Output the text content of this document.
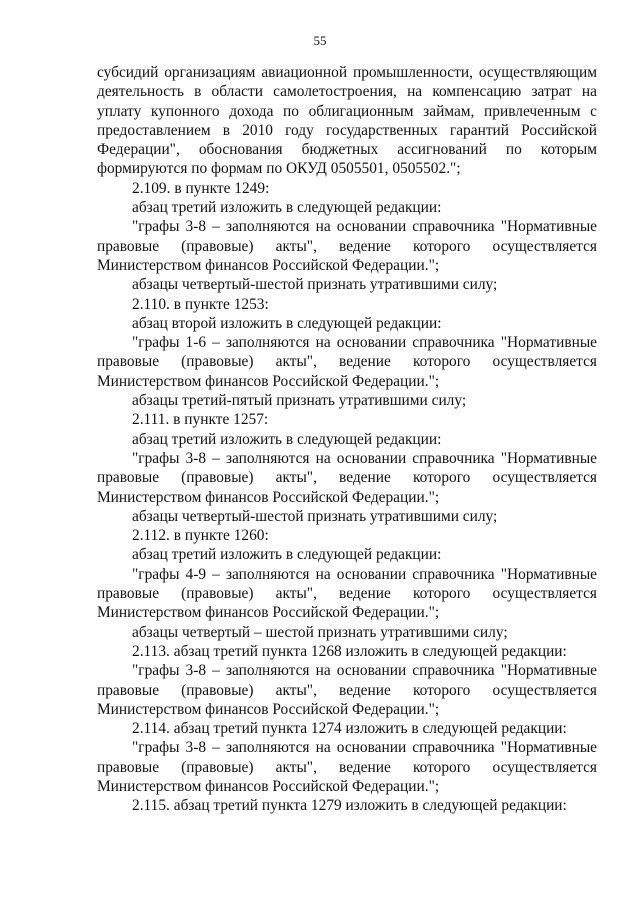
55

субсидий организациям авиационной промышленности, осуществляющим деятельность в области самолетостроения, на компенсацию затрат на уплату купонного дохода по облигационным займам, привлеченным с предоставлением в 2010 году государственных гарантий Российской Федерации", обоснования бюджетных ассигнований по которым формируются по формам по ОКУД 0505501, 0505502.";

2.109. в пункте 1249:

абзац третий изложить в следующей редакции:

"графы 3-8 – заполняются на основании справочника "Нормативные правовые (правовые) акты", ведение которого осуществляется Министерством финансов Российской Федерации.";

абзацы четвертый-шестой признать утратившими силу;

2.110. в пункте 1253:

абзац второй изложить в следующей редакции:

"графы 1-6 – заполняются на основании справочника "Нормативные правовые (правовые) акты", ведение которого осуществляется Министерством финансов Российской Федерации.";

абзацы третий-пятый признать утратившими силу;

2.111. в пункте 1257:

абзац третий изложить в следующей редакции:

"графы 3-8 – заполняются на основании справочника "Нормативные правовые (правовые) акты", ведение которого осуществляется Министерством финансов Российской Федерации.";

абзацы четвертый-шестой признать утратившими силу;

2.112. в пункте 1260:

абзац третий изложить в следующей редакции:

"графы 4-9 – заполняются на основании справочника "Нормативные правовые (правовые) акты", ведение которого осуществляется Министерством финансов Российской Федерации.";

абзацы четвертый – шестой признать утратившими силу;

2.113. абзац третий пункта 1268 изложить в следующей редакции:

"графы 3-8 – заполняются на основании справочника "Нормативные правовые (правовые) акты", ведение которого осуществляется Министерством финансов Российской Федерации.";

2.114. абзац третий пункта 1274 изложить в следующей редакции:

"графы 3-8 – заполняются на основании справочника "Нормативные правовые (правовые) акты", ведение которого осуществляется Министерством финансов Российской Федерации.";

2.115. абзац третий пункта 1279 изложить в следующей редакции:
